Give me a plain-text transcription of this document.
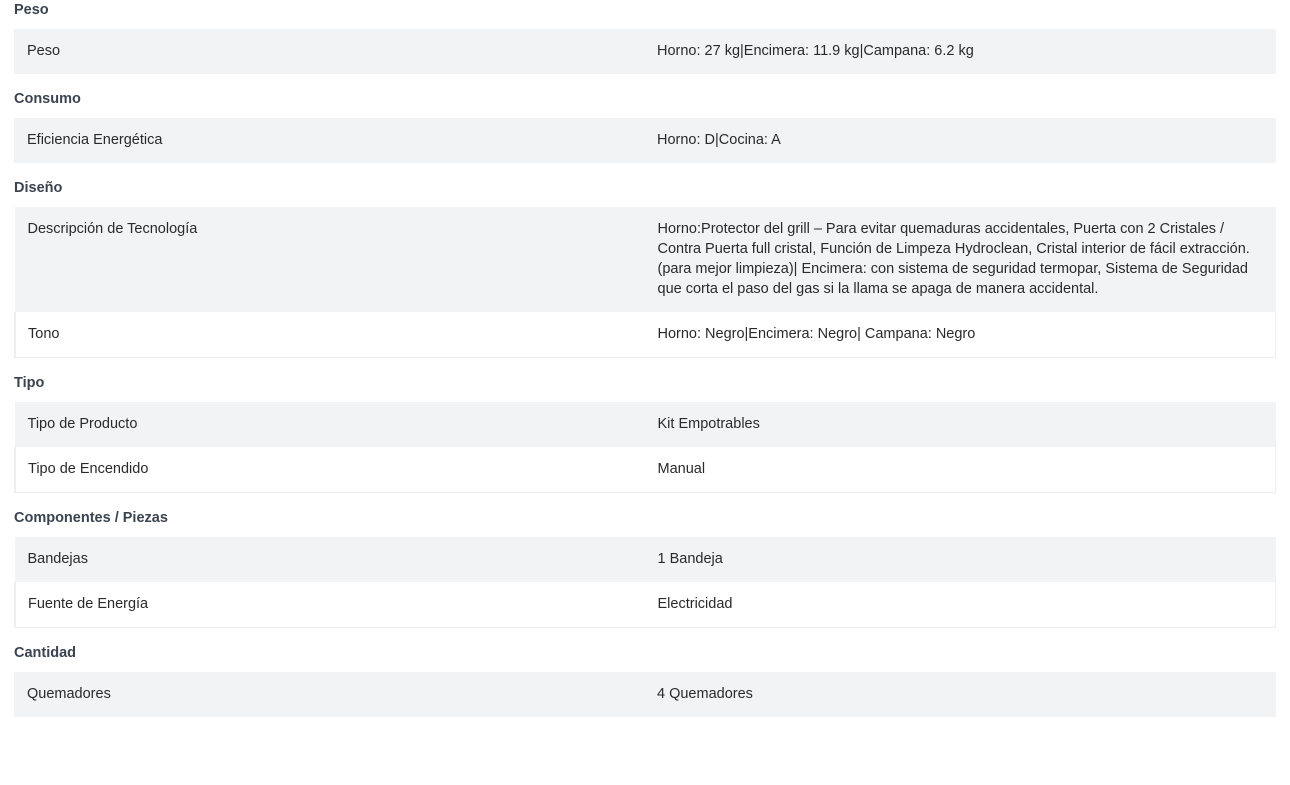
Peso
Peso	Horno: 27 kg|Encimera: 11.9 kg|Campana: 6.2 kg
Consumo
Eficiencia Energética	Horno: D|Cocina: A
Diseño
Descripción de Tecnología	Horno:Protector del grill – Para evitar quemaduras accidentales, Puerta con 2 Cristales / Contra Puerta full cristal, Función de Limpeza Hydroclean, Cristal interior de fácil extracción. (para mejor limpieza)| Encimera: con sistema de seguridad termopar, Sistema de Seguridad que corta el paso del gas si la llama se apaga de manera accidental.
Tono	Horno: Negro|Encimera: Negro| Campana: Negro
Tipo
Tipo de Producto	Kit Empotrables
Tipo de Encendido	Manual
Componentes / Piezas
Bandejas	1 Bandeja
Fuente de Energía	Electricidad
Cantidad
Quemadores	4 Quemadores
